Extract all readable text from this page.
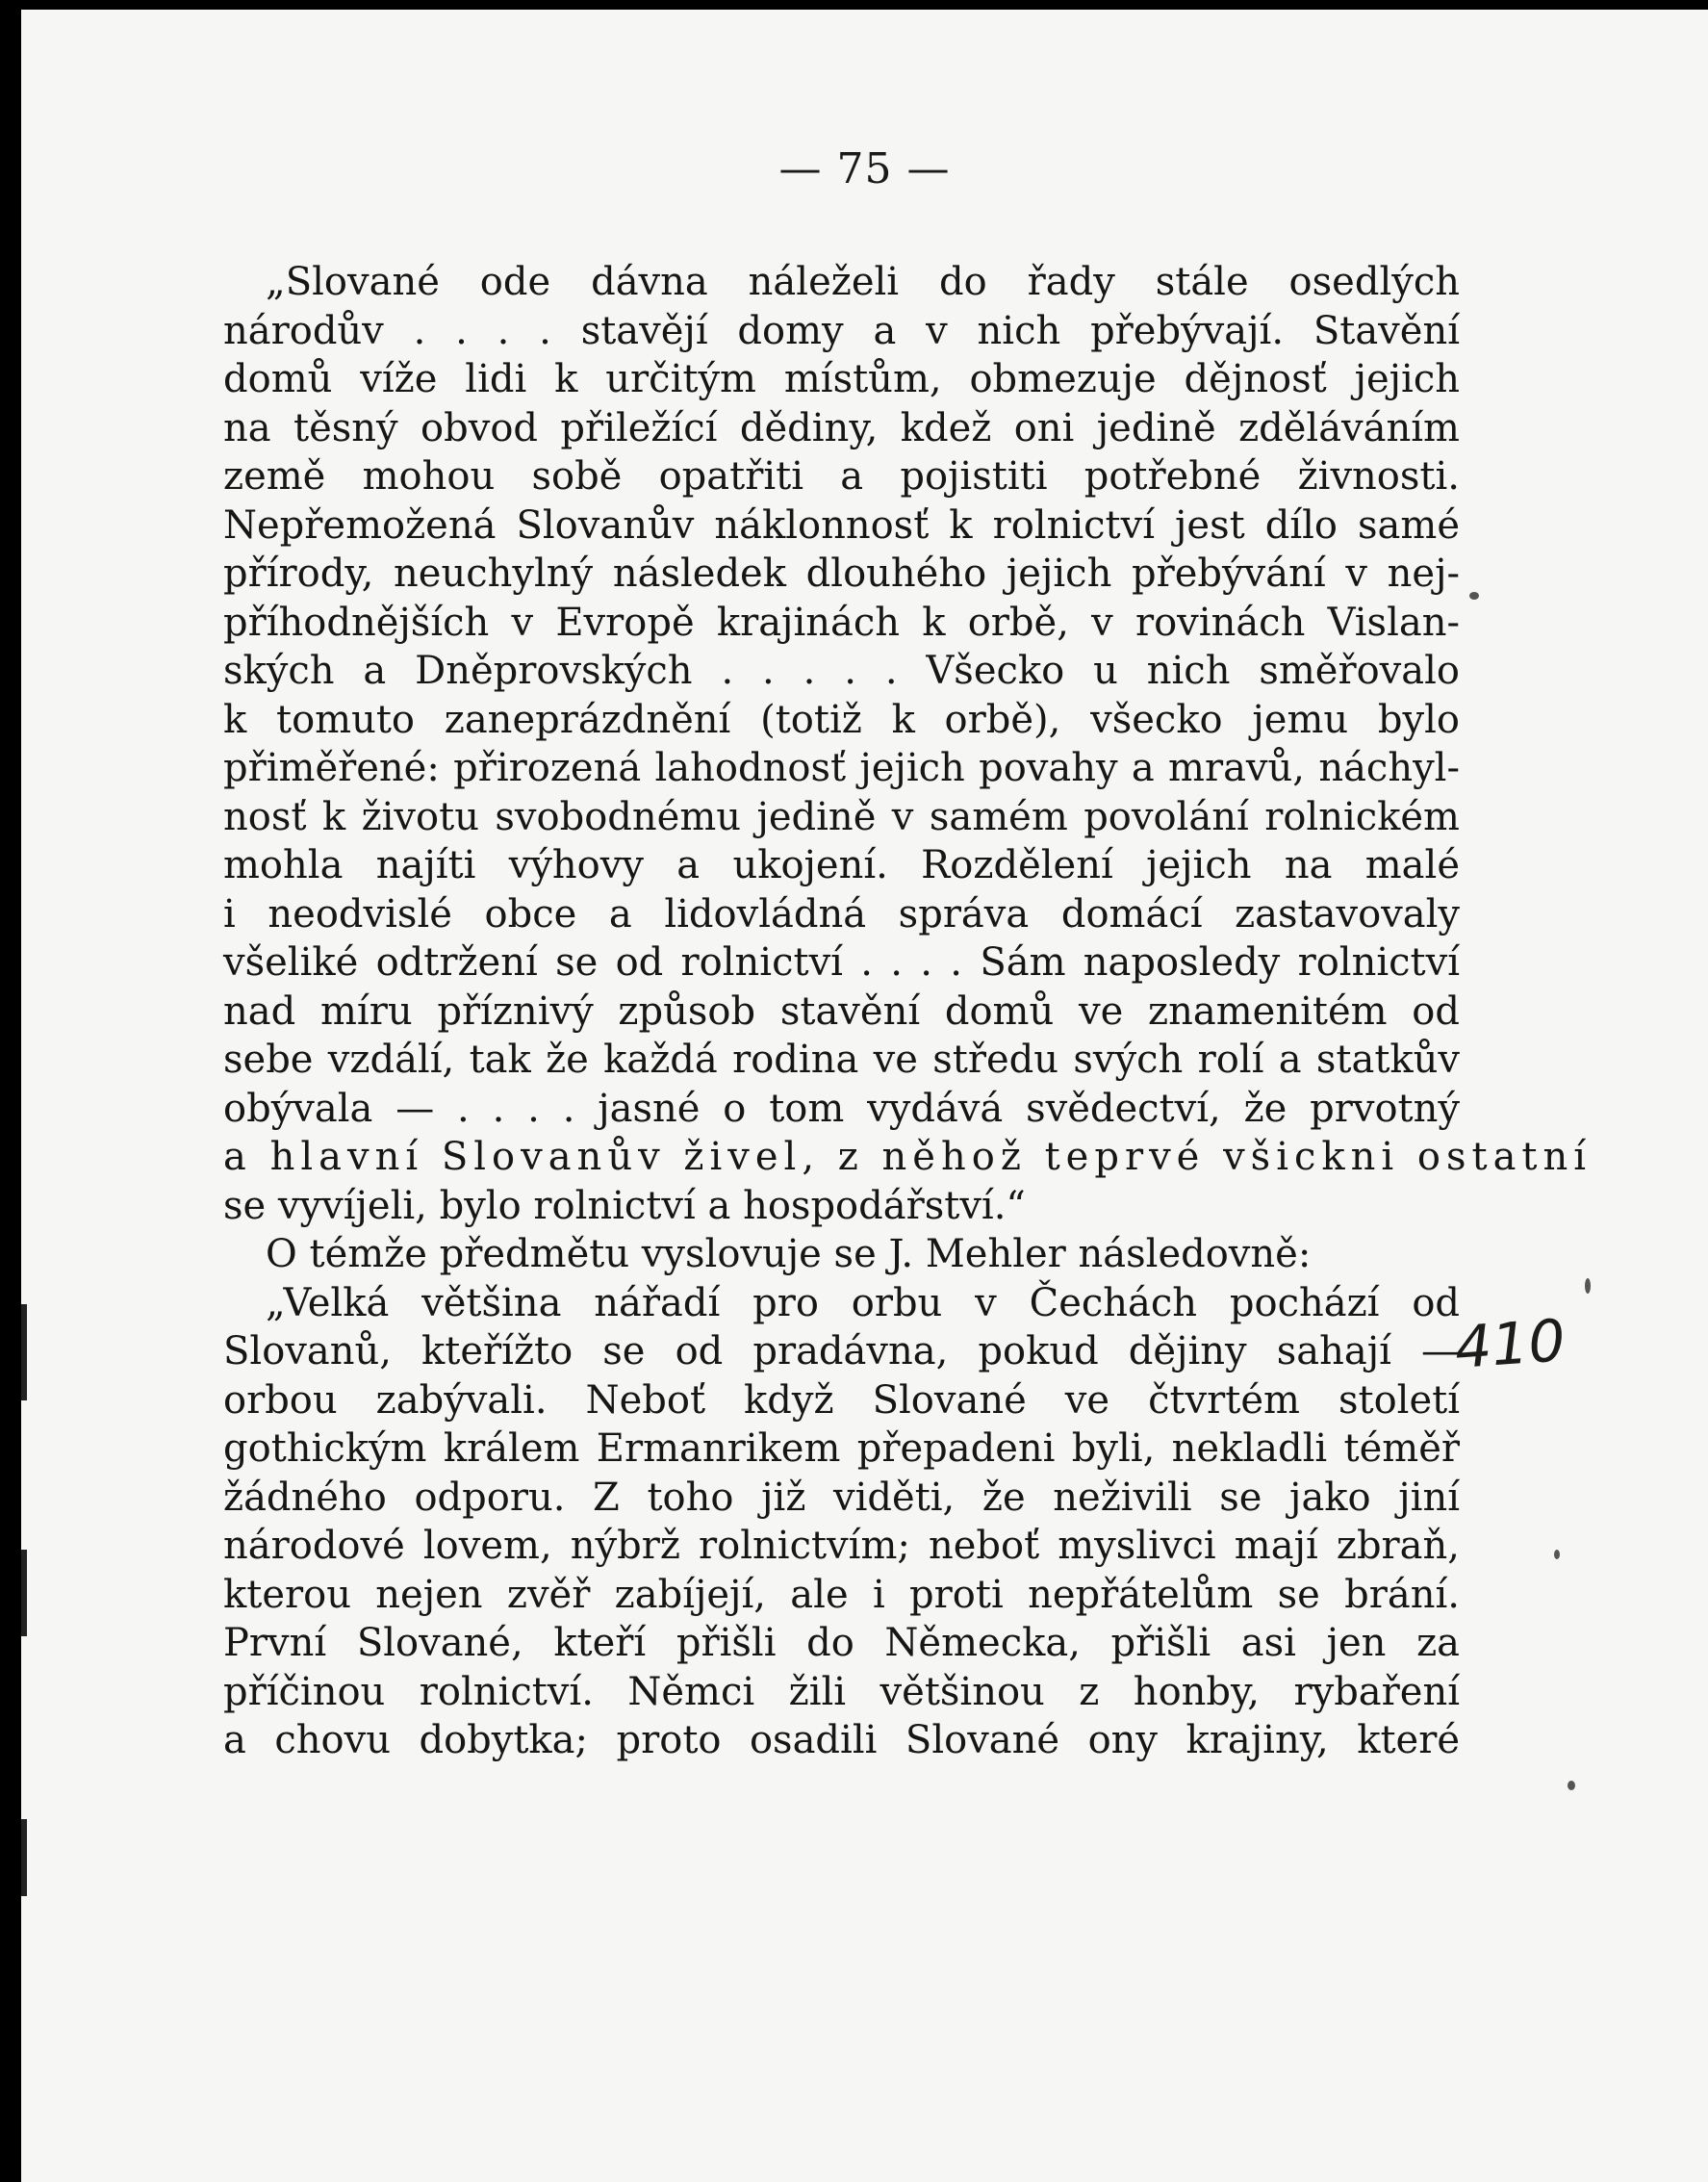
— 75 —
„Slované ode dávna náleželi do řady stále osedlých
národův . . . . stavějí domy a v nich přebývají. Stavění
domů víže lidi k určitým místům, obmezuje dějnosť jejich
na těsný obvod přiležící dědiny, kdež oni jedině zděláváním
země mohou sobě opatřiti a pojistiti potřebné živnosti.
Nepřemožená Slovanův náklonnosť k rolnictví jest dílo samé
přírody, neuchylný následek dlouhého jejich přebývání v nej-
příhodnějších v Evropě krajinách k orbě, v rovinách Vislan-
ských a Dněprovských . . . . . Všecko u nich směřovalo
k tomuto zaneprázdnění (totiž k orbě), všecko jemu bylo
přiměřené: přirozená lahodnosť jejich povahy a mravů, náchyl-
nosť k životu svobodnému jedině v samém povolání rolnickém
mohla najíti výhovy a ukojení. Rozdělení jejich na malé
i neodvislé obce a lidovládná správa domácí zastavovaly
všeliké odtržení se od rolnictví . . . . Sám naposledy rolnictví
nad míru příznivý způsob stavění domů ve znamenitém od
sebe vzdálí, tak že každá rodina ve středu svých rolí a statkův
obývala — . . . . jasné o tom vydává svědectví, že prvotný
a hlavní Slovanův živel, z něhož teprvé všickni ostatní
se vyvíjeli, bylo rolnictví a hospodářství.“
O témže předmětu vyslovuje se J. Mehler následovně:
„Velká většina nářadí pro orbu v Čechách pochází od
Slovanů, kteřížto se od pradávna, pokud dějiny sahají —
orbou zabývali. Neboť když Slované ve čtvrtém století
gothickým králem Ermanrikem přepadeni byli, nekladli téměř
žádného odporu. Z toho již viděti, že neživili se jako jiní
národové lovem, nýbrž rolnictvím; neboť myslivci mají zbraň,
kterou nejen zvěř zabíjejí, ale i proti nepřátelům se brání.
První Slované, kteří přišli do Německa, přišli asi jen za
příčinou rolnictví. Němci žili většinou z honby, rybaření
a chovu dobytka; proto osadili Slované ony krajiny, které
410
